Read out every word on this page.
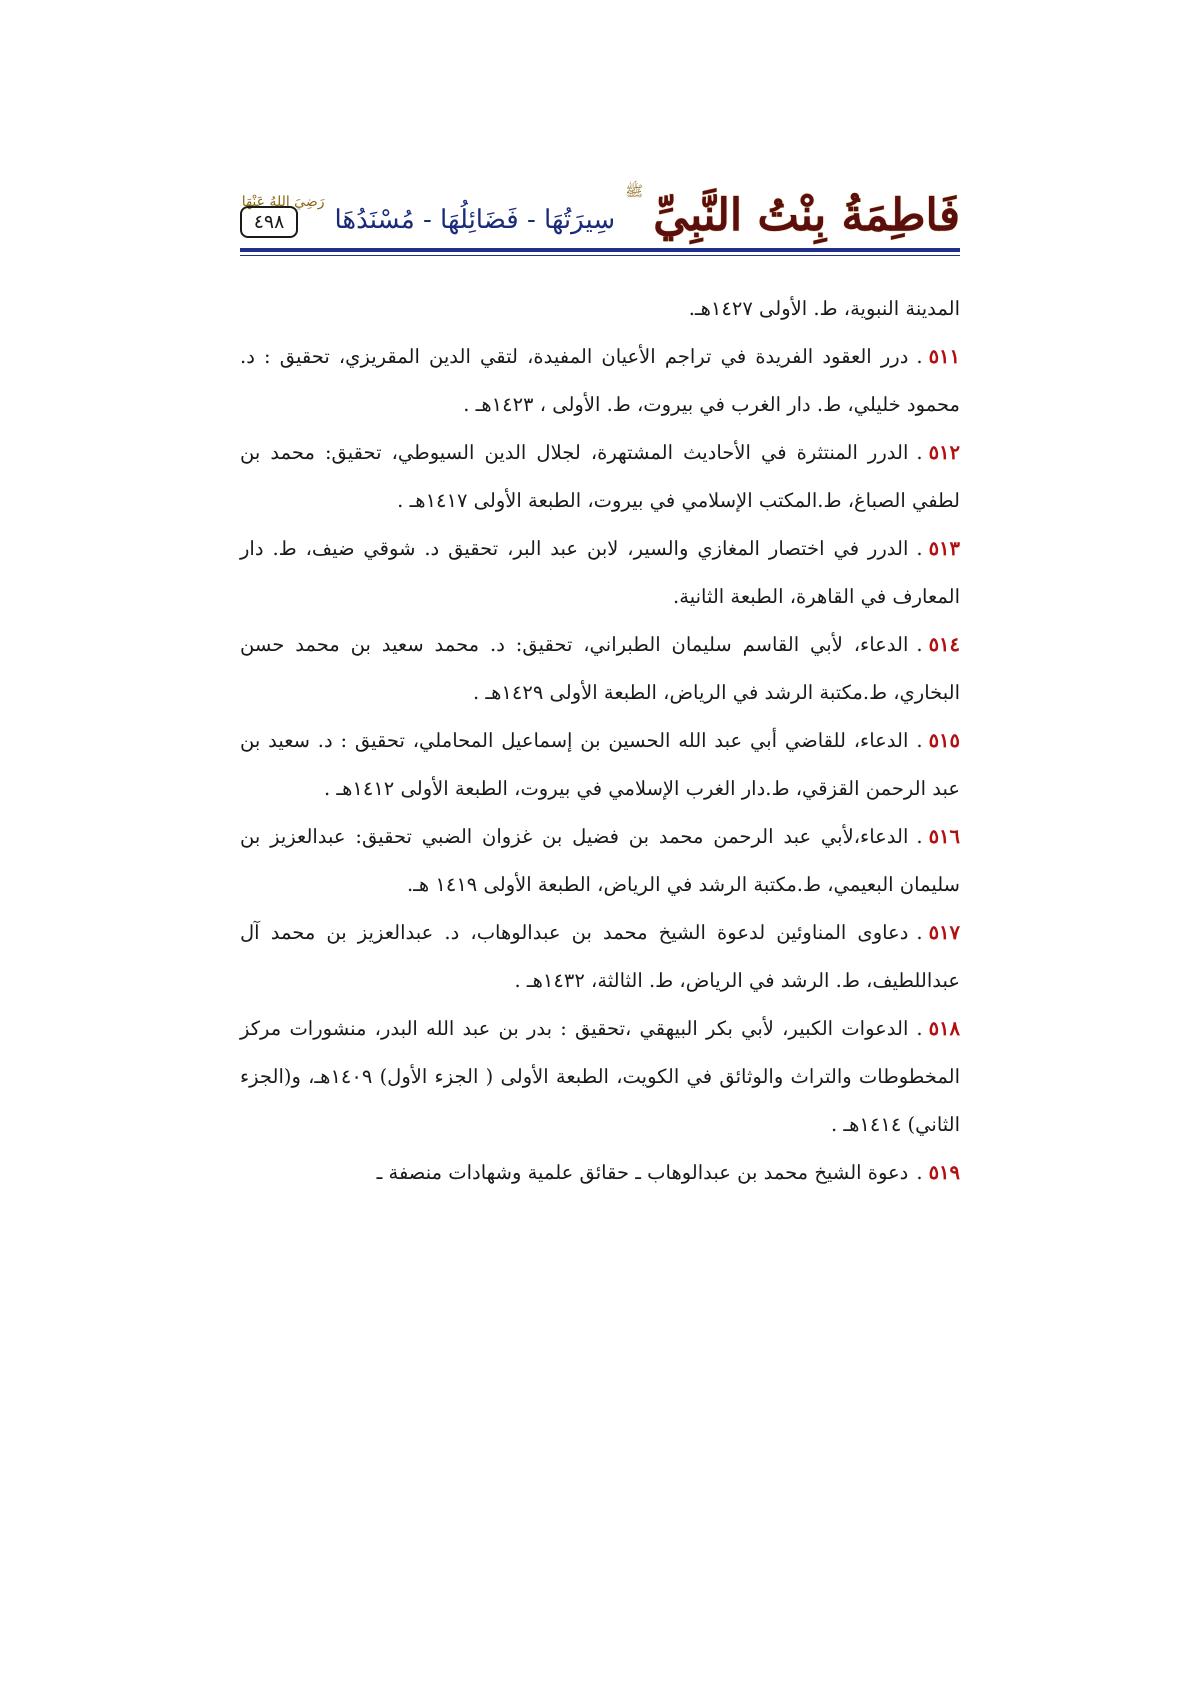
فَاطِمَةُ بِنْتُ النَّبِيِّ
ﷺ
سِيرَتُهَا - فَضَائِلُهَا - مُسْنَدُهَا
رَضِيَ اللهُ عَنْهَا
٤٩٨

المدينة النبوية، ط. الأولى ١٤٢٧هـ.

٥١١.درر العقود الفريدة في تراجم الأعيان المفيدة، لتقي الدين المقريزي، تحقيق : د. محمود خليلي، ط. دار الغرب في بيروت، ط. الأولى ، ١٤٢٣هـ .

٥١٢.الدرر المنتثرة في الأحاديث المشتهرة، لجلال الدين السيوطي، تحقيق: محمد بن لطفي الصباغ، ط.المكتب الإسلامي في بيروت، الطبعة الأولى ١٤١٧هـ .

٥١٣.الدرر في اختصار المغازي والسير، لابن عبد البر، تحقيق د. شوقي ضيف، ط. دار المعارف في القاهرة، الطبعة الثانية.

٥١٤.الدعاء، لأبي القاسم سليمان الطبراني، تحقيق: د. محمد سعيد بن محمد حسن البخاري، ط.مكتبة الرشد في الرياض، الطبعة الأولى ١٤٢٩هـ .

٥١٥.الدعاء، للقاضي أبي عبد الله الحسين بن إسماعيل المحاملي، تحقيق : د. سعيد بن عبد الرحمن القزقي، ط.دار الغرب الإسلامي في بيروت، الطبعة الأولى ١٤١٢هـ .

٥١٦.الدعاء،لأبي عبد الرحمن محمد بن فضيل بن غزوان الضبي تحقيق: عبدالعزيز بن سليمان البعيمي، ط.مكتبة الرشد في الرياض، الطبعة الأولى ١٤١٩ هـ.

٥١٧.دعاوى المناوئين لدعوة الشيخ محمد بن عبدالوهاب، د. عبدالعزيز بن محمد آل عبداللطيف، ط. الرشد في الرياض، ط. الثالثة، ١٤٣٢هـ .

٥١٨.الدعوات الكبير، لأبي بكر البيهقي ،تحقيق : بدر بن عبد الله البدر، منشورات مركز المخطوطات والتراث والوثائق في الكويت، الطبعة الأولى ( الجزء الأول) ١٤٠٩هـ، و(الجزء الثاني) ١٤١٤هـ .

٥١٩.دعوة الشيخ محمد بن عبدالوهاب ـ حقائق علمية وشهادات منصفة ـ
